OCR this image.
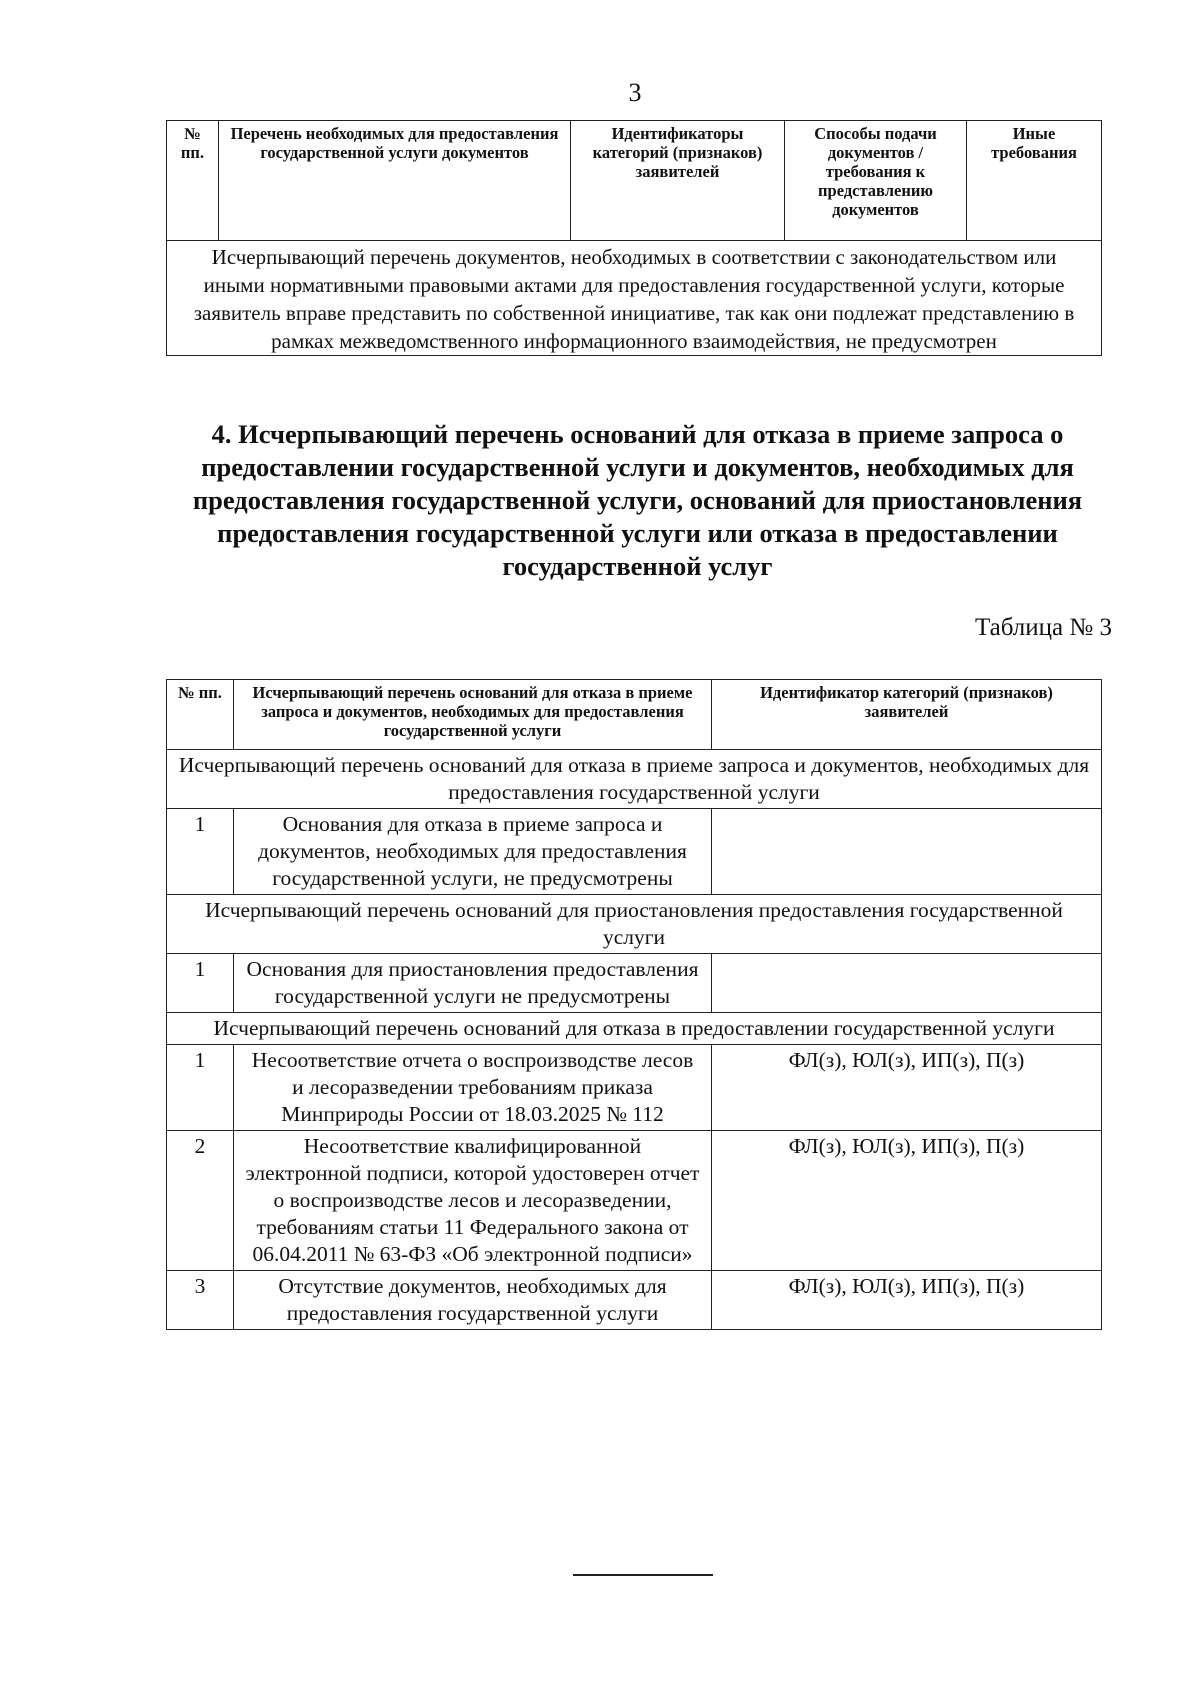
3
№ пп.	Перечень необходимых для предоставления государственной услуги документов	Идентификаторы категорий (признаков) заявителей	Способы подачи документов / требования к представлению документов	Иные требования
Исчерпывающий перечень документов, необходимых в соответствии с законодательством или иными нормативными правовыми актами для предоставления государственной услуги, которые заявитель вправе представить по собственной инициативе, так как они подлежат представлению в рамках межведомственного информационного взаимодействия, не предусмотрен
4. Исчерпывающий перечень оснований для отказа в приеме запроса о предоставлении государственной услуги и документов, необходимых для предоставления государственной услуги, оснований для приостановления предоставления государственной услуги или отказа в предоставлении государственной услуг
Таблица № 3
№ пп.	Исчерпывающий перечень оснований для отказа в приеме запроса и документов, необходимых для предоставления государственной услуги	Идентификатор категорий (признаков) заявителей
Исчерпывающий перечень оснований для отказа в приеме запроса и документов, необходимых для предоставления государственной услуги		
1	Основания для отказа в приеме запроса и документов, необходимых для предоставления государственной услуги, не предусмотрены	
Исчерпывающий перечень оснований для приостановления предоставления государственной услуги		
1	Основания для приостановления предоставления государственной услуги не предусмотрены	
Исчерпывающий перечень оснований для отказа в предоставлении государственной услуги		
1	Несоответствие отчета о воспроизводстве лесов и лесоразведении требованиям приказа Минприроды России от 18.03.2025 № 112	ФЛ(з), ЮЛ(з), ИП(з), П(з)
2	Несоответствие квалифицированной электронной подписи, которой удостоверен отчет о воспроизводстве лесов и лесоразведении, требованиям статьи 11 Федерального закона от 06.04.2011 № 63-ФЗ «Об электронной подписи»	ФЛ(з), ЮЛ(з), ИП(з), П(з)
3	Отсутствие документов, необходимых для предоставления государственной услуги	ФЛ(з), ЮЛ(з), ИП(з), П(з)
